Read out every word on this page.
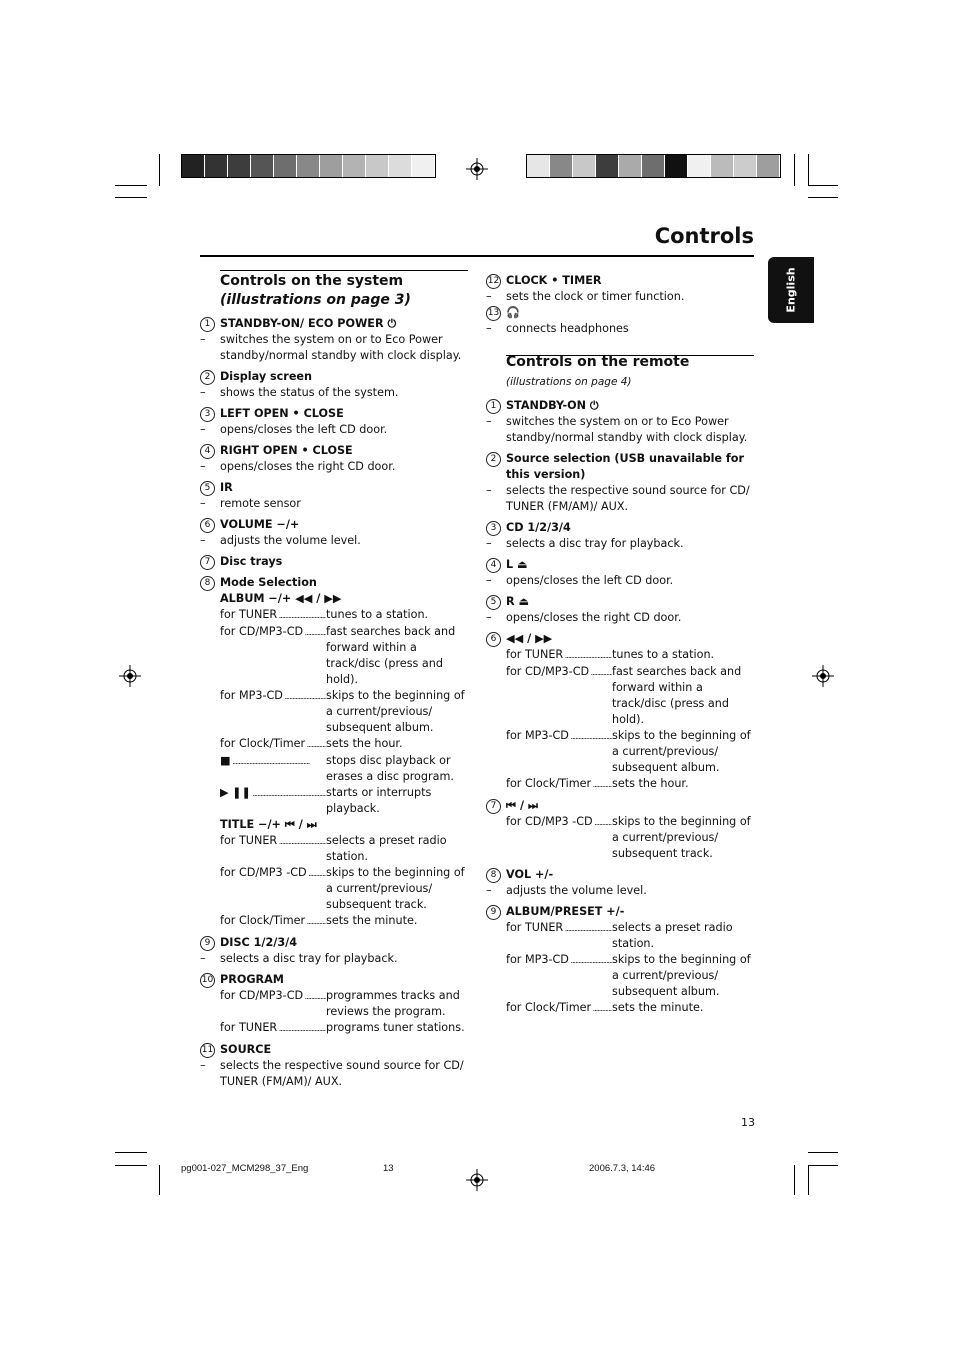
Controls
English
Controls on the system
(illustrations on page 3)
1 STANDBY-ON/ ECO POWER ⏻
– switches the system on or to Eco Power standby/normal standby with clock display.
2 Display screen
– shows the status of the system.
3 LEFT OPEN • CLOSE
– opens/closes the left CD door.
4 RIGHT OPEN • CLOSE
– opens/closes the right CD door.
5 IR
– remote sensor
6 VOLUME −/+
– adjusts the volume level.
7 Disc trays
8 Mode Selection
ALBUM −/+ ◀◀ / ▶▶
for TUNER .....	tunes to a station.
for CD/MP3-CD .....	fast searches back and forward within a track/disc (press and hold).
for MP3-CD .....	skips to the beginning of a current/previous/ subsequent album.
for Clock/Timer .....	sets the hour.
■ .....	stops disc playback or erases a disc program.
▶ ❚❚ .....	starts or interrupts playback.
TITLE −/+ ⏮ / ⏭
for TUNER .....	selects a preset radio station.
for CD/MP3 -CD .....	skips to the beginning of a current/previous/ subsequent track.
for Clock/Timer .....	sets the minute.
9 DISC 1/2/3/4
– selects a disc tray for playback.
10 PROGRAM
for CD/MP3-CD .....	programmes tracks and reviews the program.
for TUNER .....	programs tuner stations.
11 SOURCE
– selects the respective sound source for CD/ TUNER (FM/AM)/ AUX.
12 CLOCK • TIMER
– sets the clock or timer function.
13 🎧
– connects headphones
Controls on the remote (illustrations on page 4)
1 STANDBY-ON ⏻
– switches the system on or to Eco Power standby/normal standby with clock display.
2 Source selection (USB unavailable for this version)
– selects the respective sound source for CD/ TUNER (FM/AM)/ AUX.
3 CD 1/2/3/4
– selects a disc tray for playback.
4 L ⏏
– opens/closes the left CD door.
5 R ⏏
– opens/closes the right CD door.
6 ◀◀ / ▶▶
for TUNER .....	tunes to a station.
for CD/MP3-CD .....	fast searches back and forward within a track/disc (press and hold).
for MP3-CD .....	skips to the beginning of a current/previous/ subsequent album.
for Clock/Timer .....	sets the hour.
7 ⏮ / ⏭
for CD/MP3 -CD .....	skips to the beginning of a current/previous/ subsequent track.
8 VOL +/-
– adjusts the volume level.
9 ALBUM/PRESET +/-
for TUNER .....	selects a preset radio station.
for MP3-CD .....	skips to the beginning of a current/previous/ subsequent album.
for Clock/Timer .....	sets the minute.
13
pg001-027_MCM298_37_Eng	13	2006.7.3, 14:46
